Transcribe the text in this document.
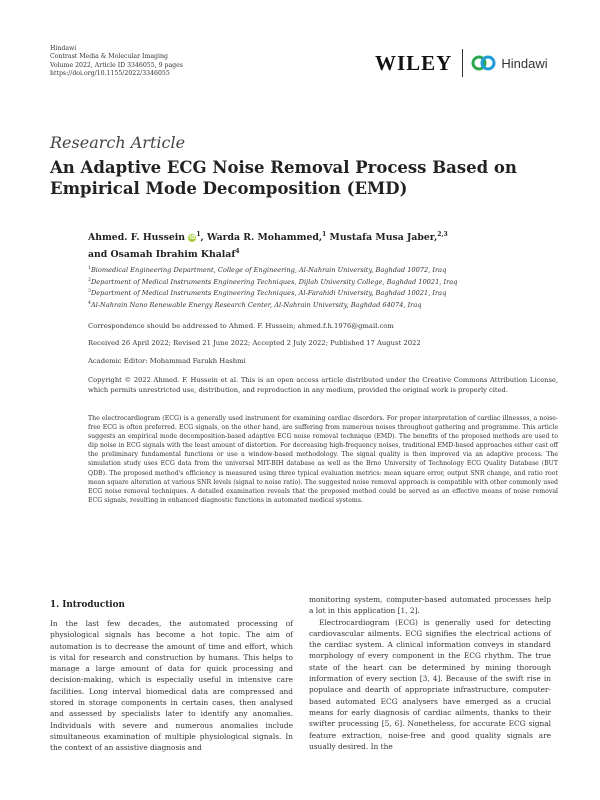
Hindawi
Contrast Media & Molecular Imaging
Volume 2022, Article ID 3346055, 9 pages
https://doi.org/10.1155/2022/3346055	WILEY	Hindawi
Research Article
An Adaptive ECG Noise Removal Process Based on Empirical Mode Decomposition (EMD)
Ahmed. F. Hussein $iD^1$, Warda R. Mohammed,$^1$ Mustafa Musa Jaber,$^{2,3}$
and Osamah Ibrahim Khalaf$^4$
$^1$Biomedical Engineering Department, College of Engineering, Al-Nahrain University, Baghdad 10072, Iraq
$^2$Department of Medical Instruments Engineering Techniques, Dijlah University College, Baghdad 10021, Iraq
$^3$Department of Medical Instruments Engineering Techniques, Al-Farahidi University, Baghdad 10021, Iraq
$^4$Al-Nahrain Nano Renewable Energy Research Center, Al-Nahrain University, Baghdad 64074, Iraq
Correspondence should be addressed to Ahmed. F. Hussein; ahmed.f.h.1976@gmail.com
Received 26 April 2022; Revised 21 June 2022; Accepted 2 July 2022; Published 17 August 2022
Academic Editor: Mohammad Farukh Hashmi
Copyright © 2022 Ahmed. F. Hussein et al. This is an open access article distributed under the Creative Commons Attribution License, which permits unrestricted use, distribution, and reproduction in any medium, provided the original work is properly cited.
The electrocardiogram (ECG) is a generally used instrument for examining cardiac disorders. For proper interpretation of cardiac illnesses, a noise-free ECG is often preferred. ECG signals, on the other hand, are suffering from numerous noises throughout gathering and programme. This article suggests an empirical mode decomposition-based adaptive ECG noise removal technique (EMD). The benefits of the proposed methods are used to dip noise in ECG signals with the least amount of distortion. For decreasing high-frequency noises, traditional EMD-based approaches either cast off the preliminary fundamental functions or use a window-based methodology. The signal quality is then improved via an adaptive process. The simulation study uses ECG data from the universal MIT-BIH database as well as the Brno University of Technology ECG Quality Database (BUT QDB). The proposed method's efficiency is measured using three typical evaluation metrics: mean square error, output SNR change, and ratio root mean square alteration at various SNR levels (signal to noise ratio). The suggested noise removal approach is compatible with other commonly used ECG noise removal techniques. A detailed examination reveals that the proposed method could be served as an effective means of noise removal ECG signals, resulting in enhanced diagnostic functions in automated medical systems.
1. Introduction

In the last few decades, the automated processing of physiological signals has become a hot topic. The aim of automation is to decrease the amount of time and effort, which is vital for research and construction by humans. This helps to manage a large amount of data for quick processing and decision-making, which is especially useful in intensive care facilities. Long interval biomedical data are compressed and stored in storage components in certain cases, then analysed and assessed by specialists later to identify any anomalies. Individuals with severe and numerous anomalies include simultaneous examination of multiple physiological signals. In the context of an assistive diagnosis and

monitoring system, computer-based automated processes help a lot in this application [1, 2].

Electrocardiogram (ECG) is generally used for detecting cardiovascular ailments. ECG signifies the electrical actions of the cardiac system. A clinical information conveys in standard morphology of every component in the ECG rhythm. The true state of the heart can be determined by mining thorough information of every section [3, 4]. Because of the swift rise in populace and dearth of appropriate infrastructure, computer-based automated ECG analysers have emerged as a crucial means for early diagnosis of cardiac ailments, thanks to their swifter processing [5, 6]. Nonetheless, for accurate ECG signal feature extraction, noise-free and good quality signals are usually desired. In the
